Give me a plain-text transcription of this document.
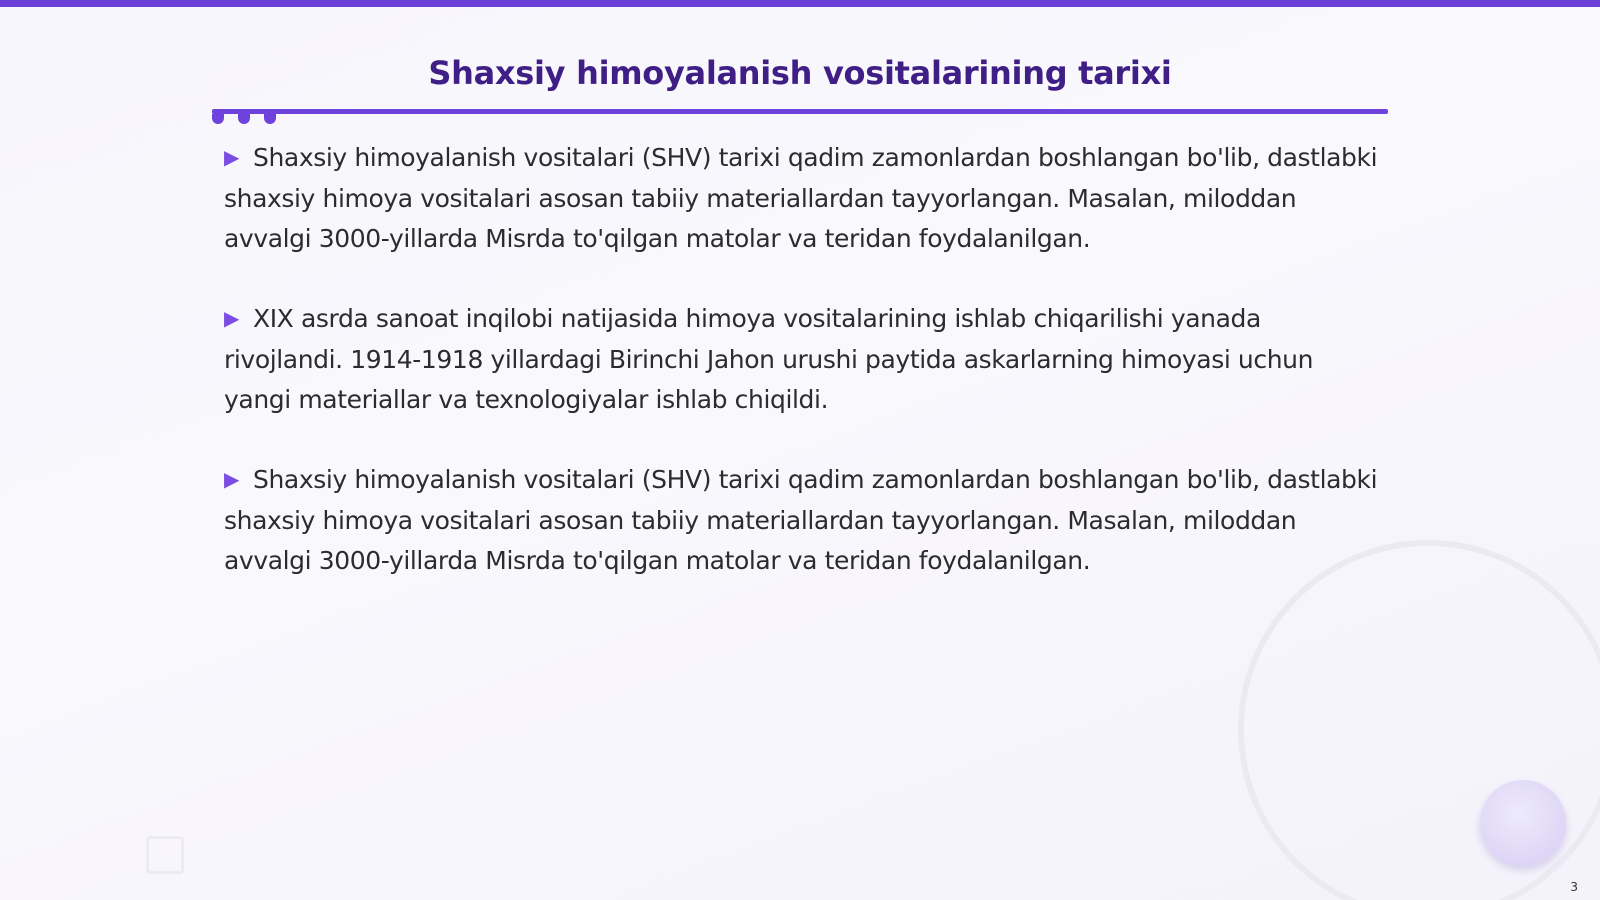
Shaxsiy himoyalanish vositalarining tarixi

▶ Shaxsiy himoyalanish vositalari (SHV) tarixi qadim zamonlardan boshlangan bo'lib, dastlabki shaxsiy himoya vositalari asosan tabiiy materiallardan tayyorlangan. Masalan, miloddan avvalgi 3000-yillarda Misrda to'qilgan matolar va teridan foydalanilgan.

▶ XIX asrda sanoat inqilobi natijasida himoya vositalarining ishlab chiqarilishi yanada rivojlandi. 1914-1918 yillardagi Birinchi Jahon urushi paytida askarlarning himoyasi uchun yangi materiallar va texnologiyalar ishlab chiqildi.

▶ Shaxsiy himoyalanish vositalari (SHV) tarixi qadim zamonlardan boshlangan bo'lib, dastlabki shaxsiy himoya vositalari asosan tabiiy materiallardan tayyorlangan. Masalan, miloddan avvalgi 3000-yillarda Misrda to'qilgan matolar va teridan foydalanilgan.

3
